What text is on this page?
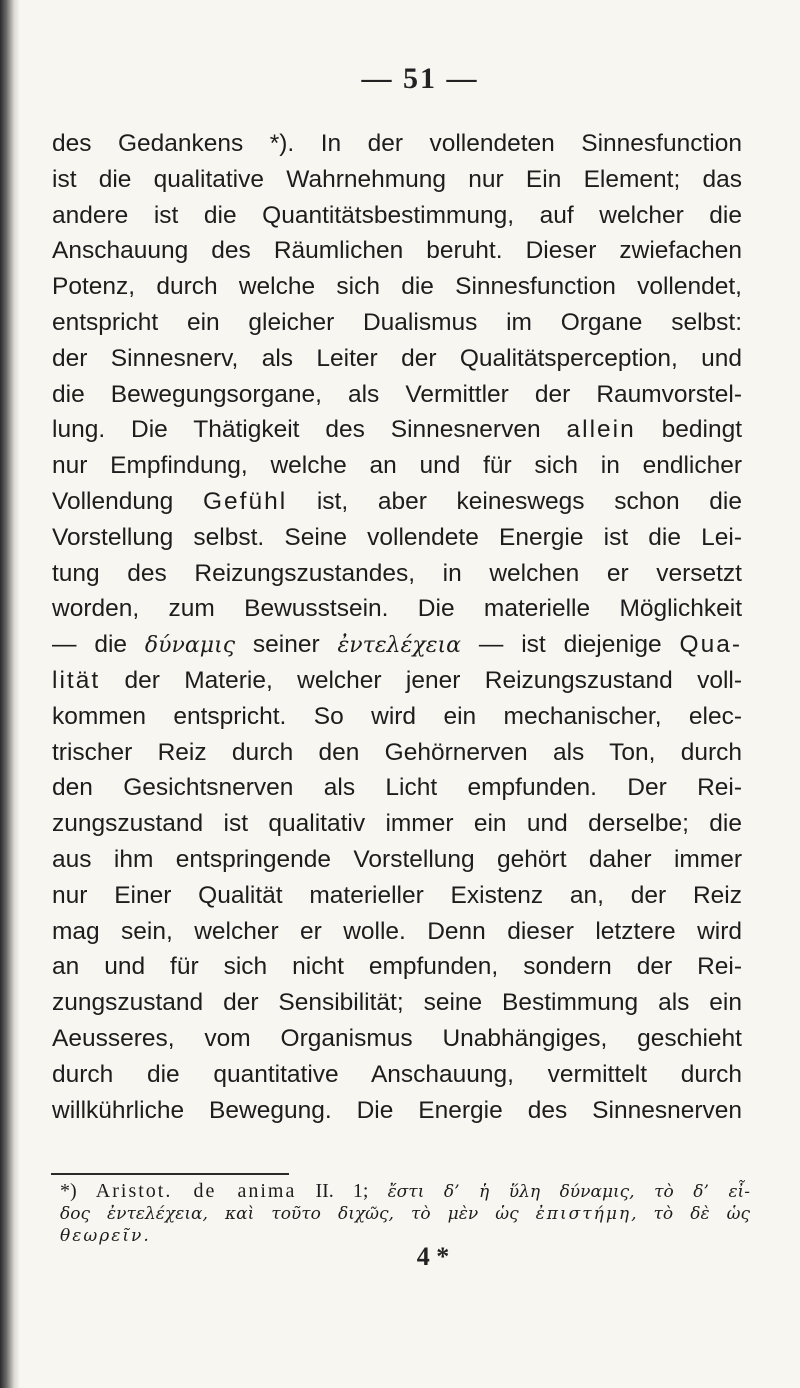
— 51 —
des Gedankens *). In der vollendeten Sinnesfunction
ist die qualitative Wahrnehmung nur Ein Element; das
andere ist die Quantitätsbestimmung, auf welcher die
Anschauung des Räumlichen beruht. Dieser zwiefachen
Potenz, durch welche sich die Sinnesfunction vollendet,
entspricht ein gleicher Dualismus im Organe selbst:
der Sinnesnerv, als Leiter der Qualitätsperception, und
die Bewegungsorgane, als Vermittler der Raumvorstel-
lung. Die Thätigkeit des Sinnesnerven allein bedingt
nur Empfindung, welche an und für sich in endlicher
Vollendung Gefühl ist, aber keineswegs schon die
Vorstellung selbst. Seine vollendete Energie ist die Lei-
tung des Reizungszustandes, in welchen er versetzt
worden, zum Bewusstsein. Die materielle Möglichkeit
— die δύναμις seiner ἐντελέχεια — ist diejenige Qua-
lität der Materie, welcher jener Reizungszustand voll-
kommen entspricht. So wird ein mechanischer, elec-
trischer Reiz durch den Gehörnerven als Ton, durch
den Gesichtsnerven als Licht empfunden. Der Rei-
zungszustand ist qualitativ immer ein und derselbe; die
aus ihm entspringende Vorstellung gehört daher immer
nur Einer Qualität materieller Existenz an, der Reiz
mag sein, welcher er wolle. Denn dieser letztere wird
an und für sich nicht empfunden, sondern der Rei-
zungszustand der Sensibilität; seine Bestimmung als ein
Aeusseres, vom Organismus Unabhängiges, geschieht
durch die quantitative Anschauung, vermittelt durch
willkührliche Bewegung. Die Energie des Sinnesnerven
*) Aristot. de anima II. 1; ἔστι δ’ ἡ ὕλη δύναμις, τὸ δ’ εἶ-
δος ἐντελέχεια, καὶ τοῦτο διχῶς, τὸ μὲν ὡς ἐπιστήμη, τὸ δὲ ὡς
θεωρεῖν.
4 *
